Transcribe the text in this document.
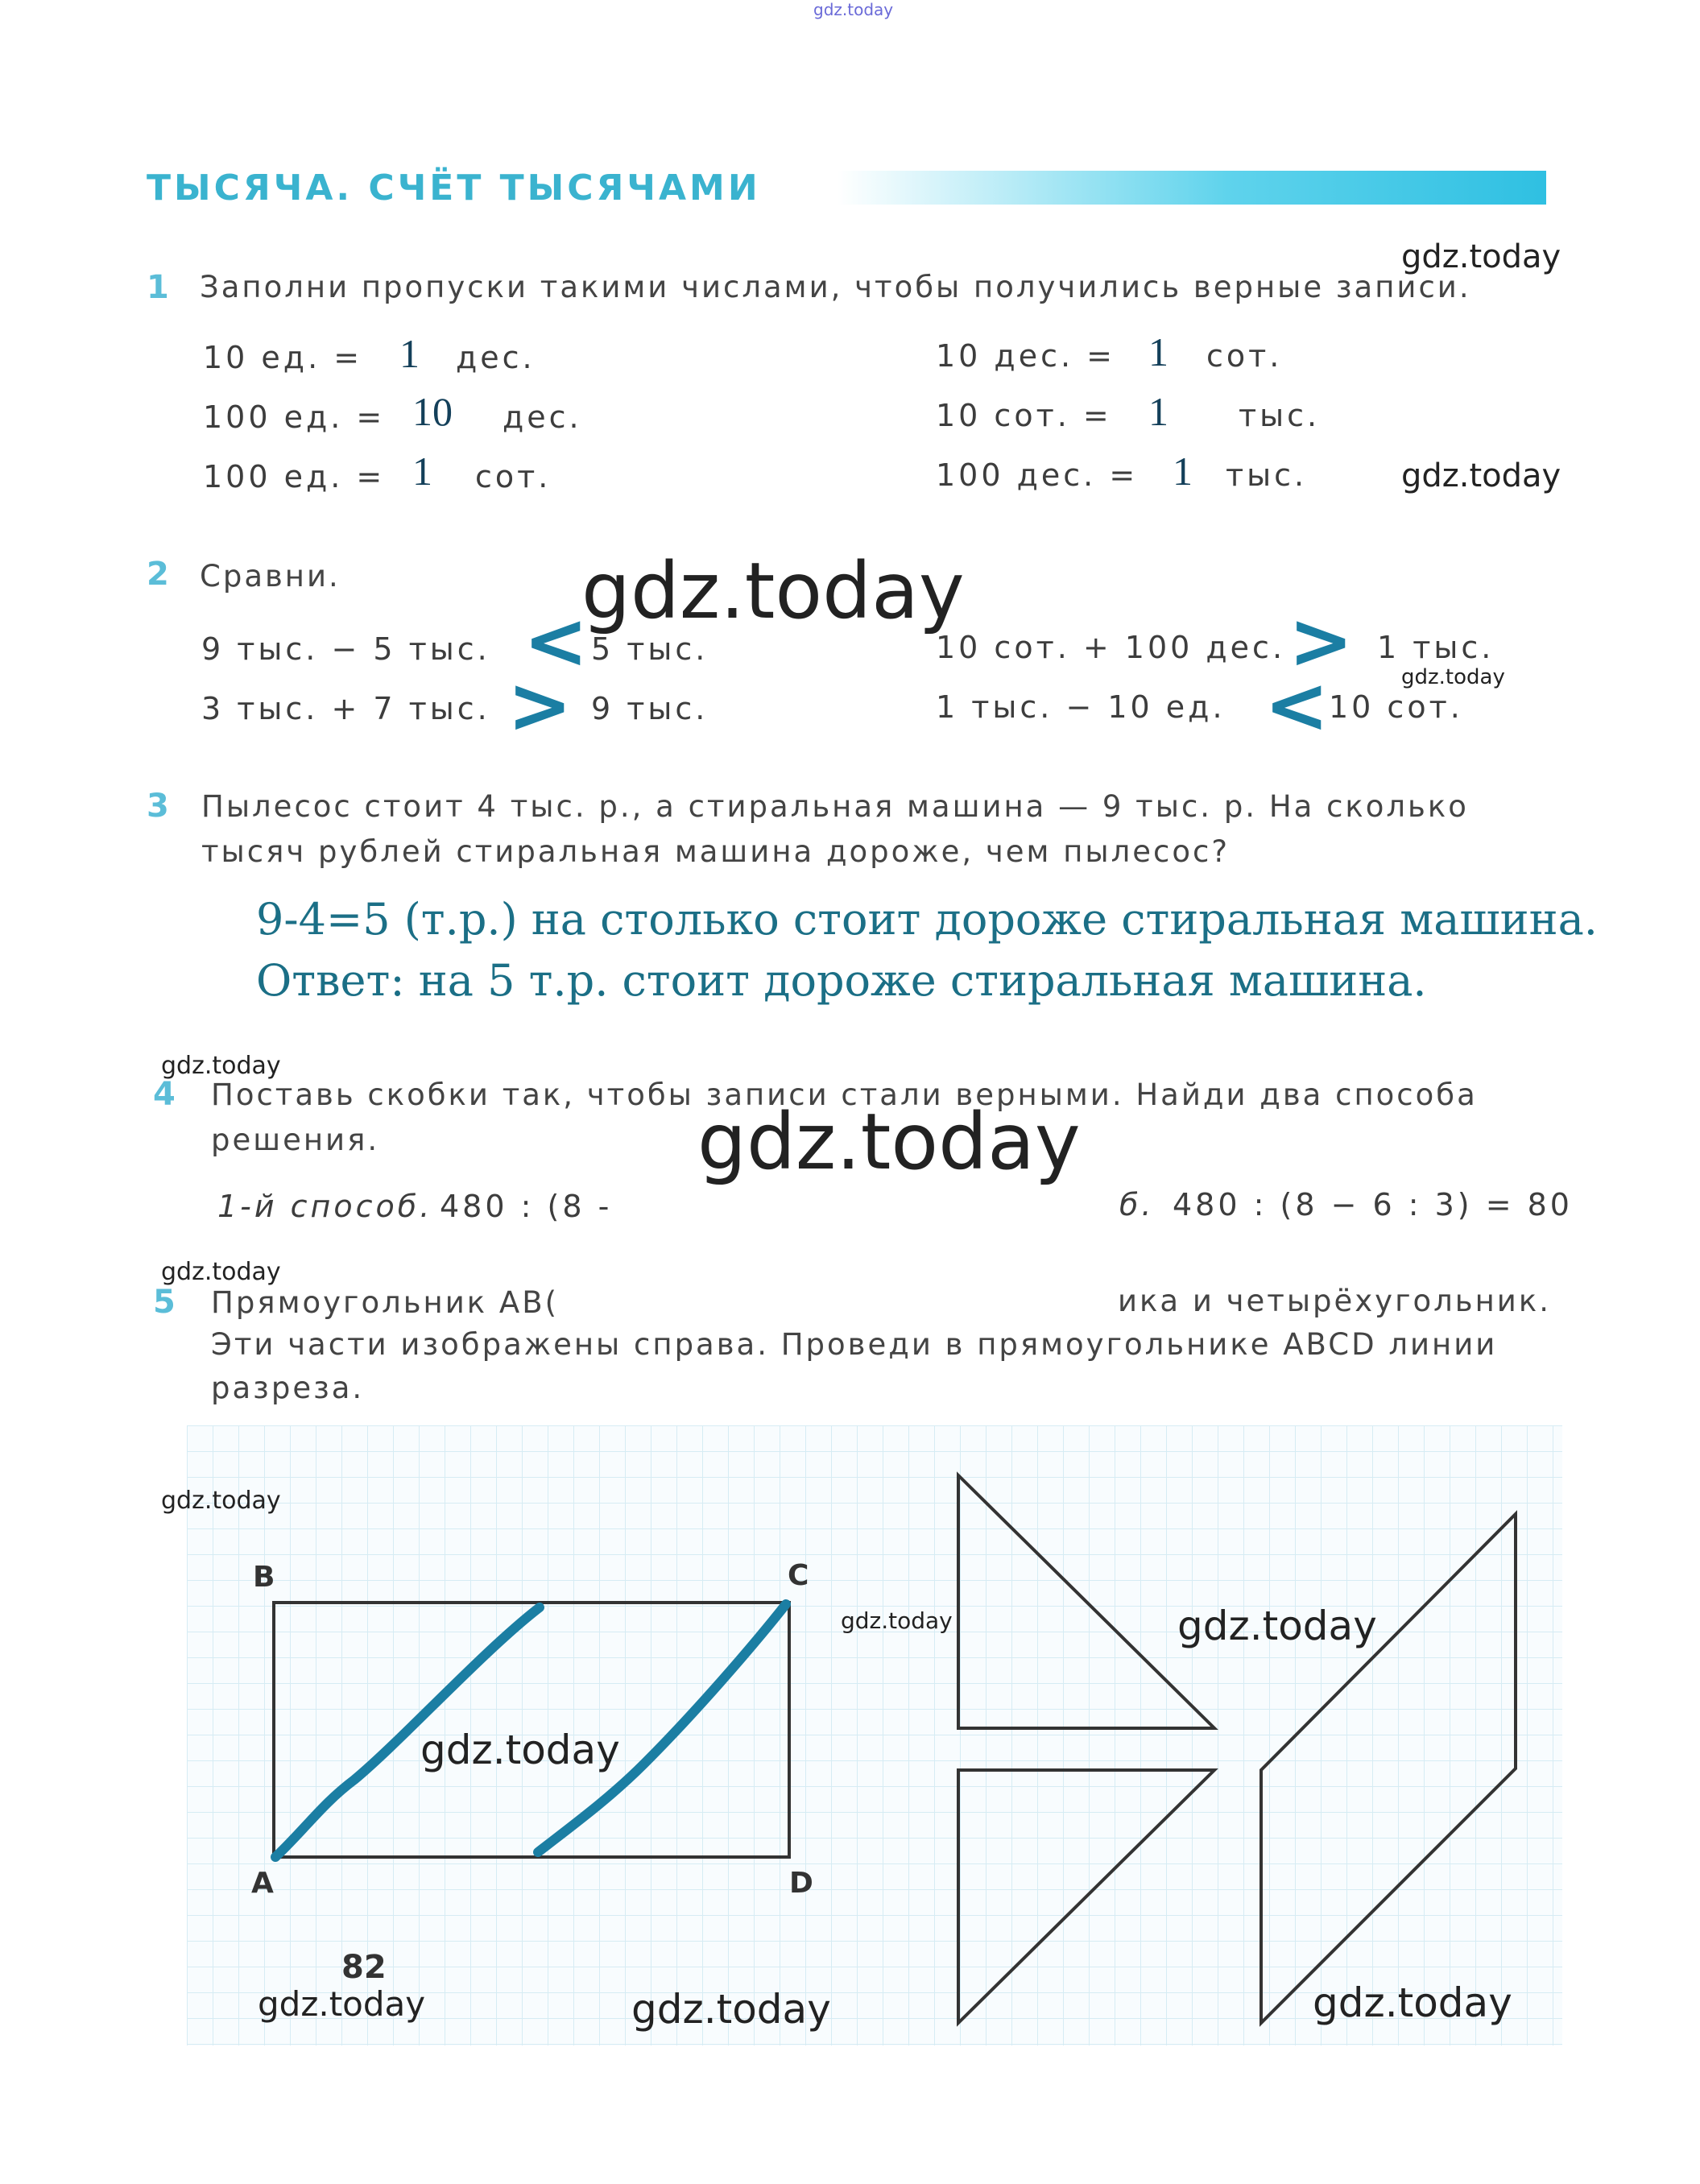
gdz.today
ТЫСЯЧА. СЧЁТ ТЫСЯЧАМИ
1 Заполни пропуски такими числами, чтобы получились верные записи.
gdz.today
10 ед. = 1 дес.
100 ед. = 10 дес.
100 ед. = 1 сот.
10 дес. = 1 сот.
10 сот. = 1 тыс.
100 дес. = 1 тыс.	gdz.today
2 Сравни.	gdz.today
9 тыс. − 5 тыс. < 5 тыс.
3 тыс. + 7 тыс. > 9 тыс.
10 сот. + 100 дес. > 1 тыс.
gdz.today
1 тыс. − 10 ед. < 10 сот.
3 Пылесос стоит 4 тыс. р., а стиральная машина — 9 тыс. р. На сколько
тысяч рублей стиральная машина дороже, чем пылесос?
9-4=5 (т.р.) на столько стоит дороже стиральная машина.
Ответ: на 5 т.р. стоит дороже стиральная машина.
gdz.today
4 Поставь скобки так, чтобы записи стали верными. Найди два способа
решения.	gdz.today
1-й способ. 480 : (8 -	б. 480 : (8 − 6 : 3) = 80
gdz.today
5 Прямоугольник АВ(	ика и четырёхугольник.
Эти части изображены справа. Проведи в прямоугольнике ABCD линии
разреза.
gdz.today
B	C
A	D
gdz.today	gdz.today
gdz.today
82
gdz.today	gdz.today	gdz.today
